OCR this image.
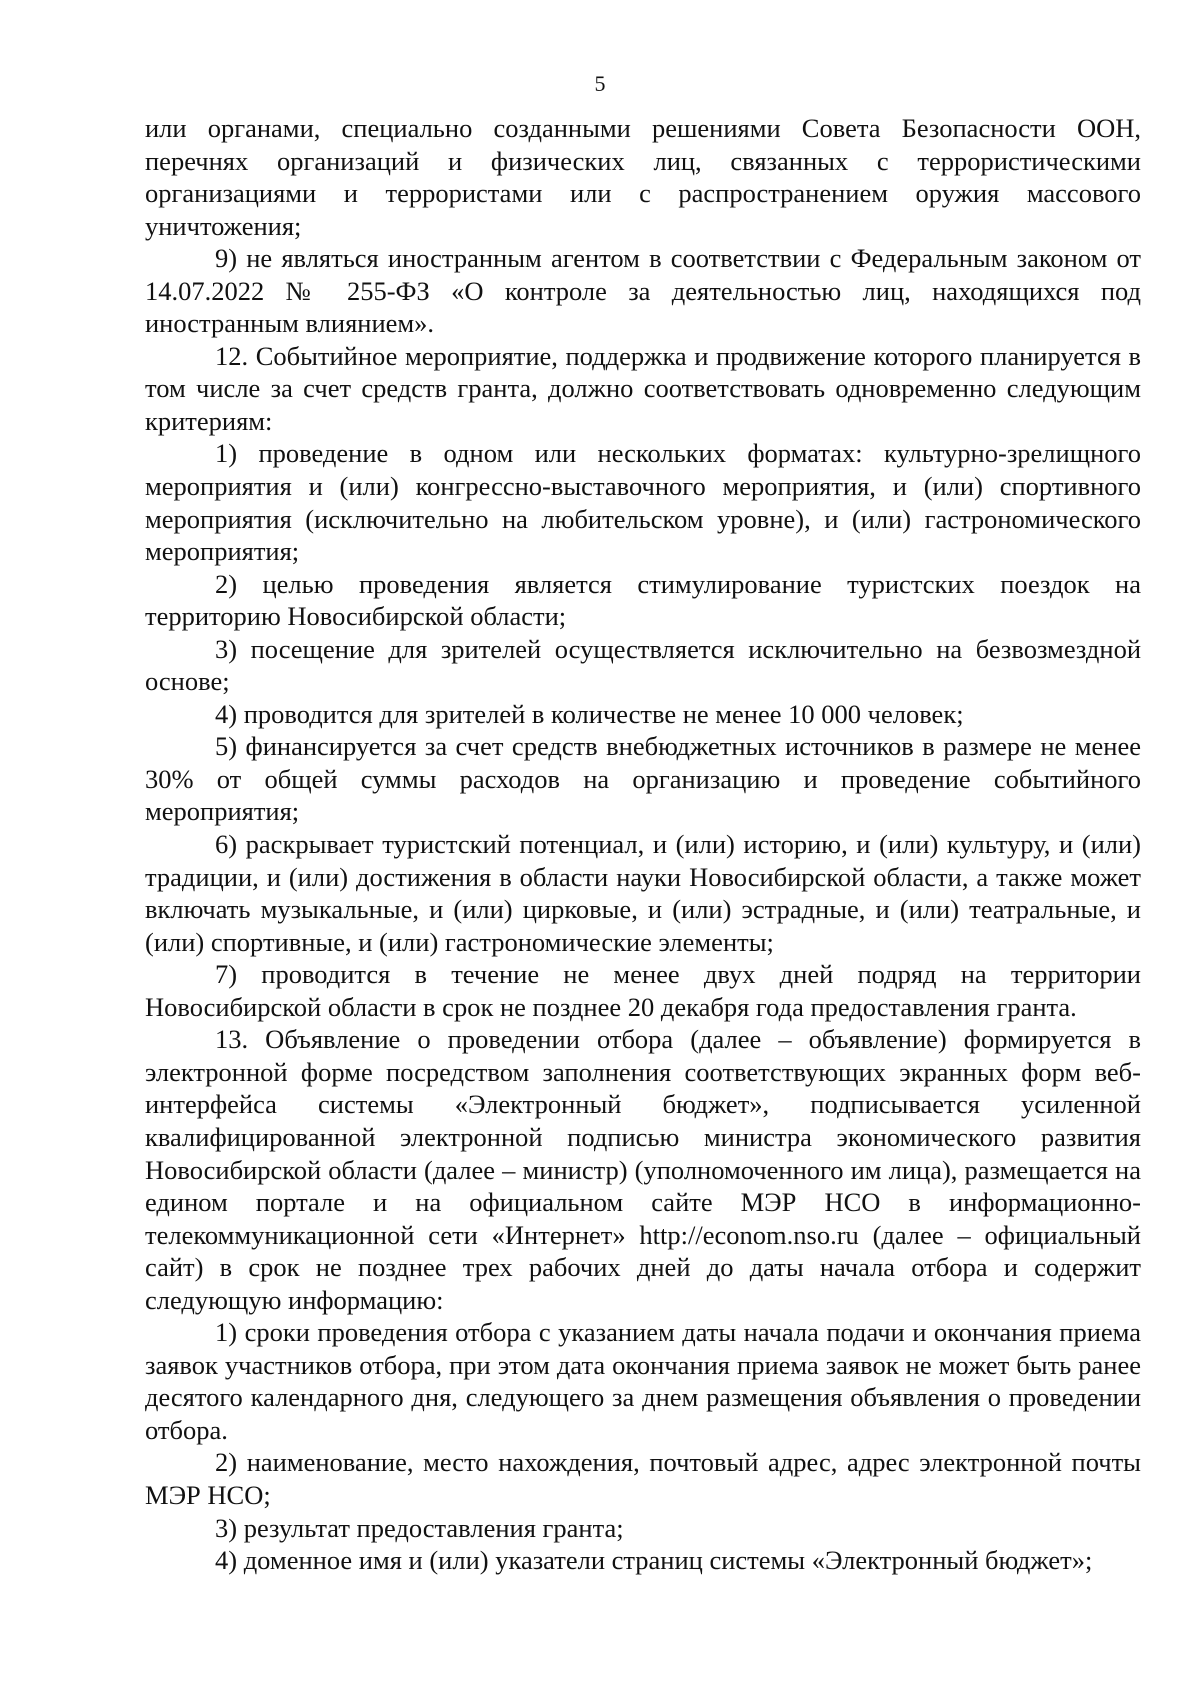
5

или органами, специально созданными решениями Совета Безопасности ООН, перечнях организаций и физических лиц, связанных с террористическими организациями и террористами или с распространением оружия массового уничтожения;

9) не являться иностранным агентом в соответствии с Федеральным законом от 14.07.2022 № 255-ФЗ «О контроле за деятельностью лиц, находящихся под иностранным влиянием».

12. Событийное мероприятие, поддержка и продвижение которого планируется в том числе за счет средств гранта, должно соответствовать одновременно следующим критериям:

1) проведение в одном или нескольких форматах: культурно-зрелищного мероприятия и (или) конгрессно-выставочного мероприятия, и (или) спортивного мероприятия (исключительно на любительском уровне), и (или) гастрономического мероприятия;

2) целью проведения является стимулирование туристских поездок на территорию Новосибирской области;

3) посещение для зрителей осуществляется исключительно на безвозмездной основе;

4) проводится для зрителей в количестве не менее 10 000 человек;

5) финансируется за счет средств внебюджетных источников в размере не менее 30% от общей суммы расходов на организацию и проведение событийного мероприятия;

6) раскрывает туристский потенциал, и (или) историю, и (или) культуру, и (или) традиции, и (или) достижения в области науки Новосибирской области, а также может включать музыкальные, и (или) цирковые, и (или) эстрадные, и (или) театральные, и (или) спортивные, и (или) гастрономические элементы;

7) проводится в течение не менее двух дней подряд на территории Новосибирской области в срок не позднее 20 декабря года предоставления гранта.

13. Объявление о проведении отбора (далее – объявление) формируется в электронной форме посредством заполнения соответствующих экранных форм веб-интерфейса системы «Электронный бюджет», подписывается усиленной квалифицированной электронной подписью министра экономического развития Новосибирской области (далее – министр) (уполномоченного им лица), размещается на едином портале и на официальном сайте МЭР НСО в информационно-телекоммуникационной сети «Интернет» http://econom.nso.ru (далее – официальный сайт) в срок не позднее трех рабочих дней до даты начала отбора и содержит следующую информацию:

1) сроки проведения отбора с указанием даты начала подачи и окончания приема заявок участников отбора, при этом дата окончания приема заявок не может быть ранее десятого календарного дня, следующего за днем размещения объявления о проведении отбора.

2) наименование, место нахождения, почтовый адрес, адрес электронной почты МЭР НСО;

3) результат предоставления гранта;

4) доменное имя и (или) указатели страниц системы «Электронный бюджет»;
